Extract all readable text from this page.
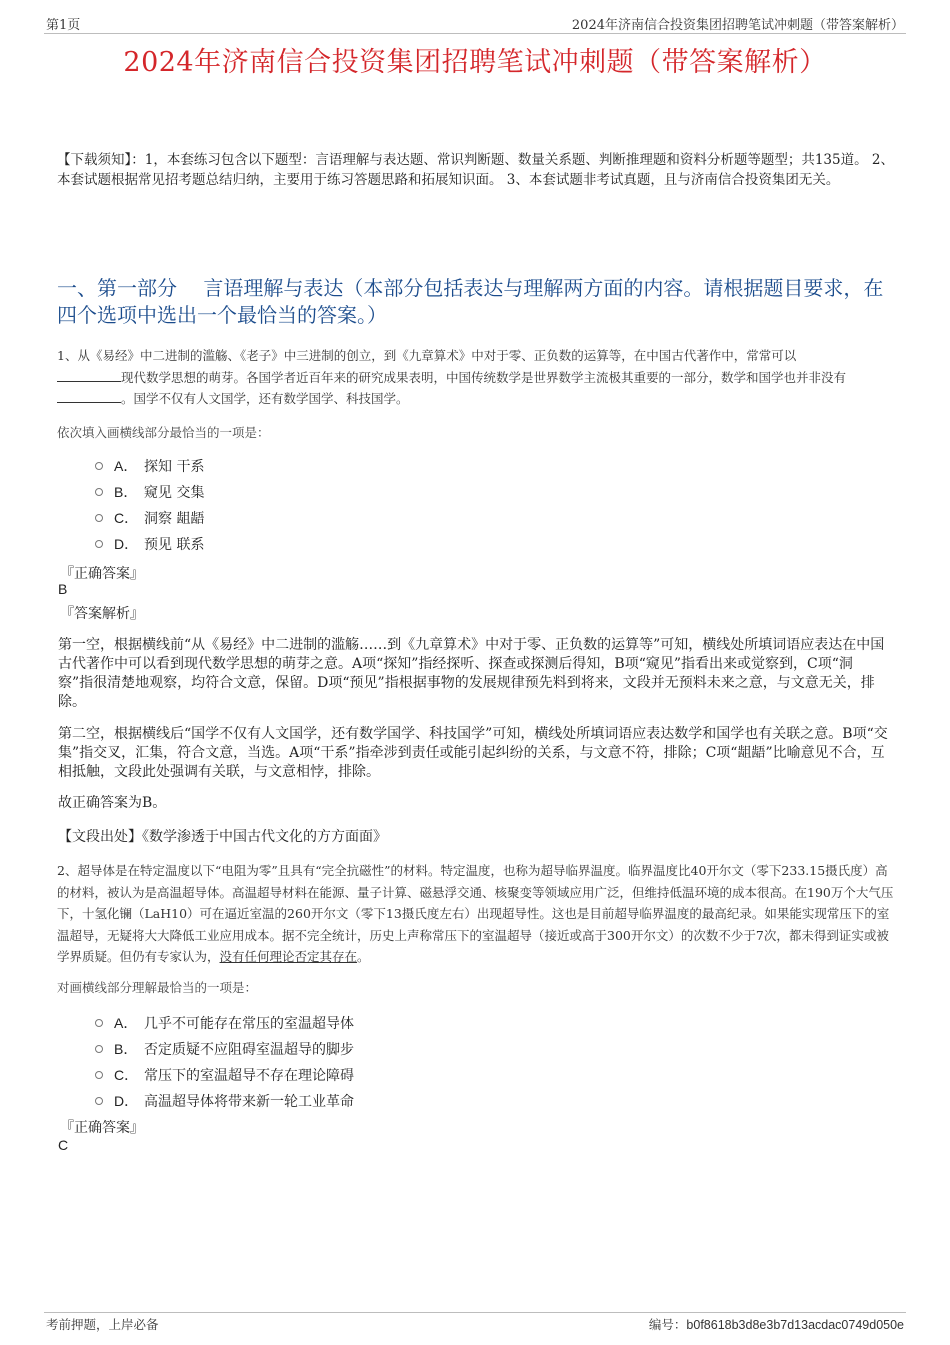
第1页	2024年济南信合投资集团招聘笔试冲刺题（带答案解析）
2024年济南信合投资集团招聘笔试冲刺题（带答案解析）
【下载须知】：1，本套练习包含以下题型：言语理解与表达题、常识判断题、数量关系题、判断推理题和资料分析题等题型；共135道。 2、本套试题根据常见招考题总结归纳，主要用于练习答题思路和拓展知识面。 3、本套试题非考试真题，且与济南信合投资集团无关。
一、第一部分　 言语理解与表达（本部分包括表达与理解两方面的内容。请根据题目要求，在四个选项中选出一个最恰当的答案。）
1、从《易经》中二进制的滥觞、《老子》中三进制的创立，到《九章算术》中对于零、正负数的运算等，在中国古代著作中，常常可以
现代数学思想的萌芽。各国学者近百年来的研究成果表明，中国传统数学是世界数学主流极其重要的一部分，数学和国学也并非没有
。国学不仅有人文国学，还有数学国学、科技国学。
依次填入画横线部分最恰当的一项是：
A． 探知 干系
B． 窥见 交集
C． 洞察 龃龉
D． 预见 联系
『正确答案』
B
『答案解析』
第一空，根据横线前“从《易经》中二进制的滥觞……到《九章算术》中对于零、正负数的运算等”可知，横线处所填词语应表达在中国古代著作中可以看到现代数学思想的萌芽之意。A项“探知”指经探听、探查或探测后得知，B项“窥见”指看出来或觉察到，C项“洞察”指很清楚地观察，均符合文意，保留。D项“预见”指根据事物的发展规律预先料到将来，文段并无预料未来之意，与文意无关，排除。
第二空，根据横线后“国学不仅有人文国学，还有数学国学、科技国学”可知，横线处所填词语应表达数学和国学也有关联之意。B项“交集”指交叉，汇集，符合文意，当选。A项“干系”指牵涉到责任或能引起纠纷的关系，与文意不符，排除；C项“龃龉”比喻意见不合，互相抵触，文段此处强调有关联，与文意相悖，排除。
故正确答案为B。
【文段出处】《数学渗透于中国古代文化的方方面面》
2、超导体是在特定温度以下“电阻为零”且具有“完全抗磁性”的材料。特定温度，也称为超导临界温度。临界温度比40开尔文（零下233.15摄氏度）高的材料，被认为是高温超导体。高温超导材料在能源、量子计算、磁悬浮交通、核聚变等领域应用广泛，但维持低温环境的成本很高。在190万个大气压下，十氢化镧（LaH10）可在逼近室温的260开尔文（零下13摄氏度左右）出现超导性。这也是目前超导临界温度的最高纪录。如果能实现常压下的室温超导，无疑将大大降低工业应用成本。据不完全统计，历史上声称常压下的室温超导（接近或高于300开尔文）的次数不少于7次，都未得到证实或被学界质疑。但仍有专家认为，没有任何理论否定其存在。
对画横线部分理解最恰当的一项是：
A． 几乎不可能存在常压的室温超导体
B． 否定质疑不应阻碍室温超导的脚步
C． 常压下的室温超导不存在理论障碍
D． 高温超导体将带来新一轮工业革命
『正确答案』
C
考前押题，上岸必备	编号：b0f8618b3d8e3b7d13acdac0749d050e
